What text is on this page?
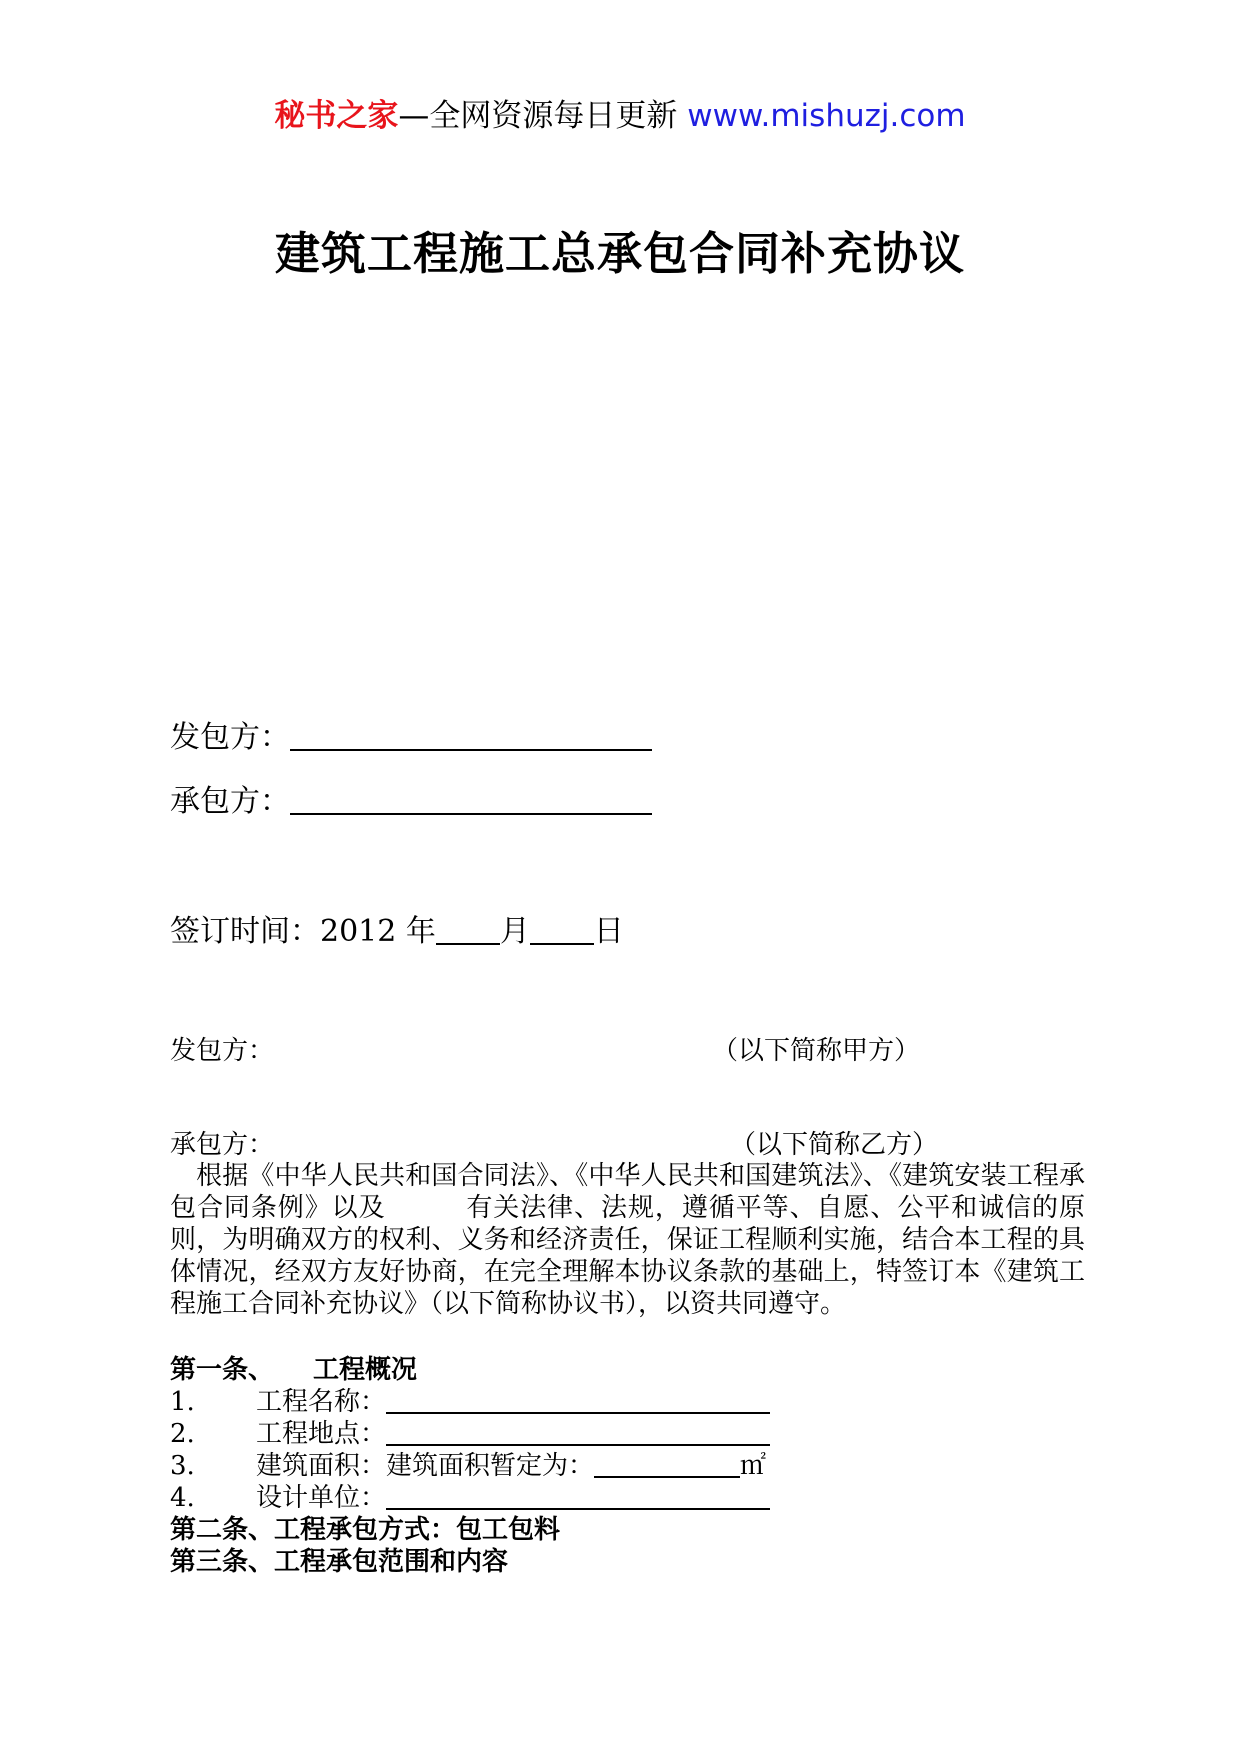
秘书之家—全网资源每日更新 www.mishuzj.com
建筑工程施工总承包合同补充协议
发包方：
承包方：
签订时间：2012 年 月 日
发包方：	（以下简称甲方）
承包方：	（以下简称乙方）
　根据《中华人民共和国合同法》、《中华人民共和国建筑法》、《建筑安装工程承包合同条例》以及　　　有关法律、法规，遵循平等、自愿、公平和诚信的原则，为明确双方的权利、义务和经济责任，保证工程顺利实施，结合本工程的具体情况，经双方友好协商，在完全理解本协议条款的基础上，特签订本《建筑工程施工合同补充协议》（以下简称协议书），以资共同遵守。
第一条、　　工程概况
1. 工程名称：
2. 工程地点：
3. 建筑面积：建筑面积暂定为：	㎡
4. 设计单位：
第二条、工程承包方式：包工包料
第三条、工程承包范围和内容
